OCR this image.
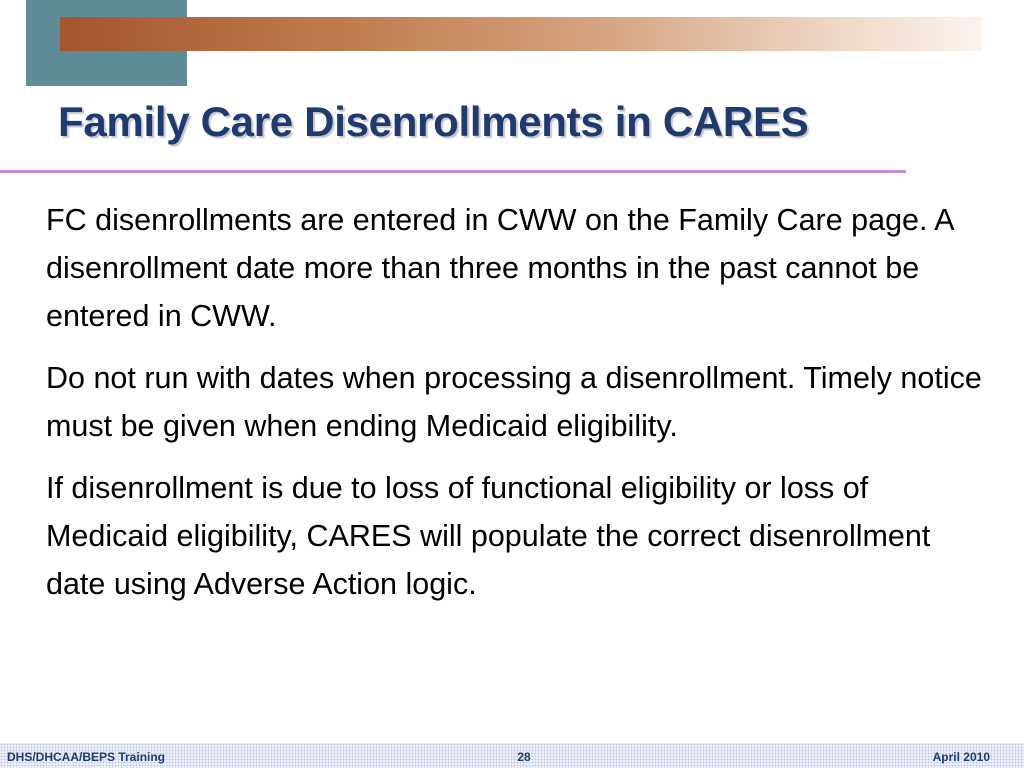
Family Care Disenrollments in CARES

FC disenrollments are entered in CWW on the Family Care page. A disenrollment date more than three months in the past cannot be entered in CWW.

Do not run with dates when processing a disenrollment. Timely notice must be given when ending Medicaid eligibility.

If disenrollment is due to loss of functional eligibility or loss of Medicaid eligibility, CARES will populate the correct disenrollment date using Adverse Action logic.

DHS/DHCAA/BEPS Training	28	April 2010
